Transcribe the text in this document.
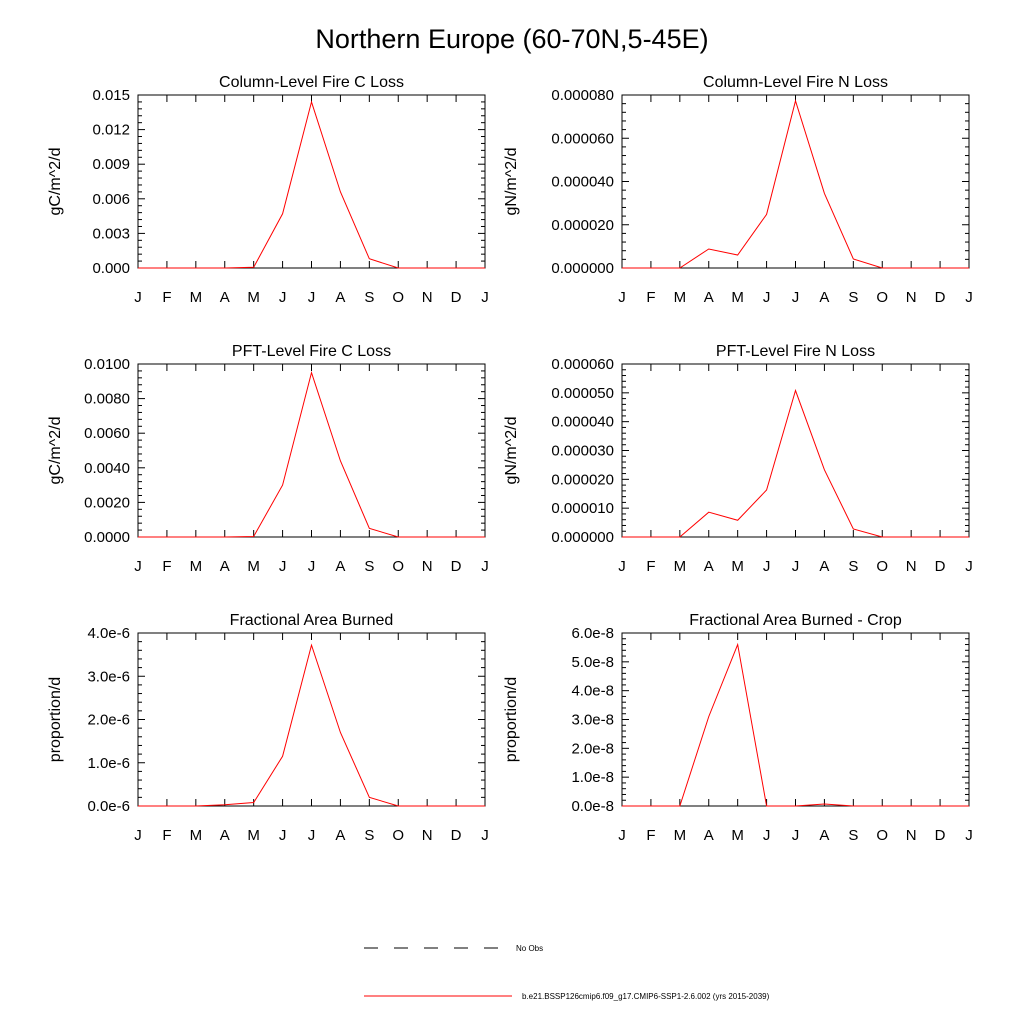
Northern Europe (60-70N,5-45E)
Column-Level Fire C Loss
J F M A M J J A S O N D J
0.000
0.003
0.006
0.009
0.012
0.015
gC/m^2/d
Column-Level Fire N Loss
J F M A M J J A S O N D J
0.000000
0.000020
0.000040
0.000060
0.000080
gN/m^2/d
PFT-Level Fire C Loss
J F M A M J J A S O N D J
0.0000
0.0020
0.0040
0.0060
0.0080
0.0100
gC/m^2/d
PFT-Level Fire N Loss
J F M A M J J A S O N D J
0.000000
0.000010
0.000020
0.000030
0.000040
0.000050
0.000060
gN/m^2/d
Fractional Area Burned
J F M A M J J A S O N D J
0.0e-6
1.0e-6
2.0e-6
3.0e-6
4.0e-6
proportion/d
Fractional Area Burned - Crop
J F M A M J J A S O N D J
0.0e-8
1.0e-8
2.0e-8
3.0e-8
4.0e-8
5.0e-8
6.0e-8
proportion/d
No Obs
b.e21.BSSP126cmip6.f09_g17.CMIP6-SSP1-2.6.002 (yrs 2015-2039)
